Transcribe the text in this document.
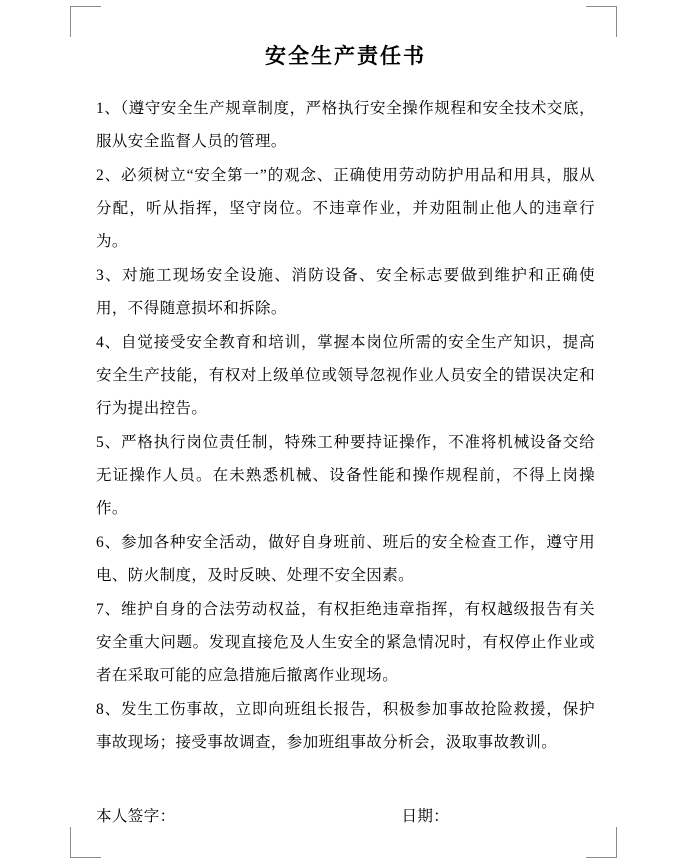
安全生产责任书

1、（遵守安全生产规章制度，严格执行安全操作规程和安全技术交底，服从安全监督人员的管理。

2、必须树立“安全第一”的观念、正确使用劳动防护用品和用具，服从分配，听从指挥，坚守岗位。不违章作业，并劝阻制止他人的违章行为。

3、对施工现场安全设施、消防设备、安全标志要做到维护和正确使用，不得随意损坏和拆除。

4、自觉接受安全教育和培训，掌握本岗位所需的安全生产知识，提高安全生产技能，有权对上级单位或领导忽视作业人员安全的错误决定和行为提出控告。

5、严格执行岗位责任制，特殊工种要持证操作，不准将机械设备交给无证操作人员。在未熟悉机械、设备性能和操作规程前，不得上岗操作。

6、参加各种安全活动，做好自身班前、班后的安全检查工作，遵守用电、防火制度，及时反映、处理不安全因素。

7、维护自身的合法劳动权益，有权拒绝违章指挥，有权越级报告有关安全重大问题。发现直接危及人生安全的紧急情况时，有权停止作业或者在采取可能的应急措施后撤离作业现场。

8、发生工伤事故，立即向班组长报告，积极参加事故抢险救援，保护事故现场；接受事故调查，参加班组事故分析会，汲取事故教训。

本人签字：	日期：
